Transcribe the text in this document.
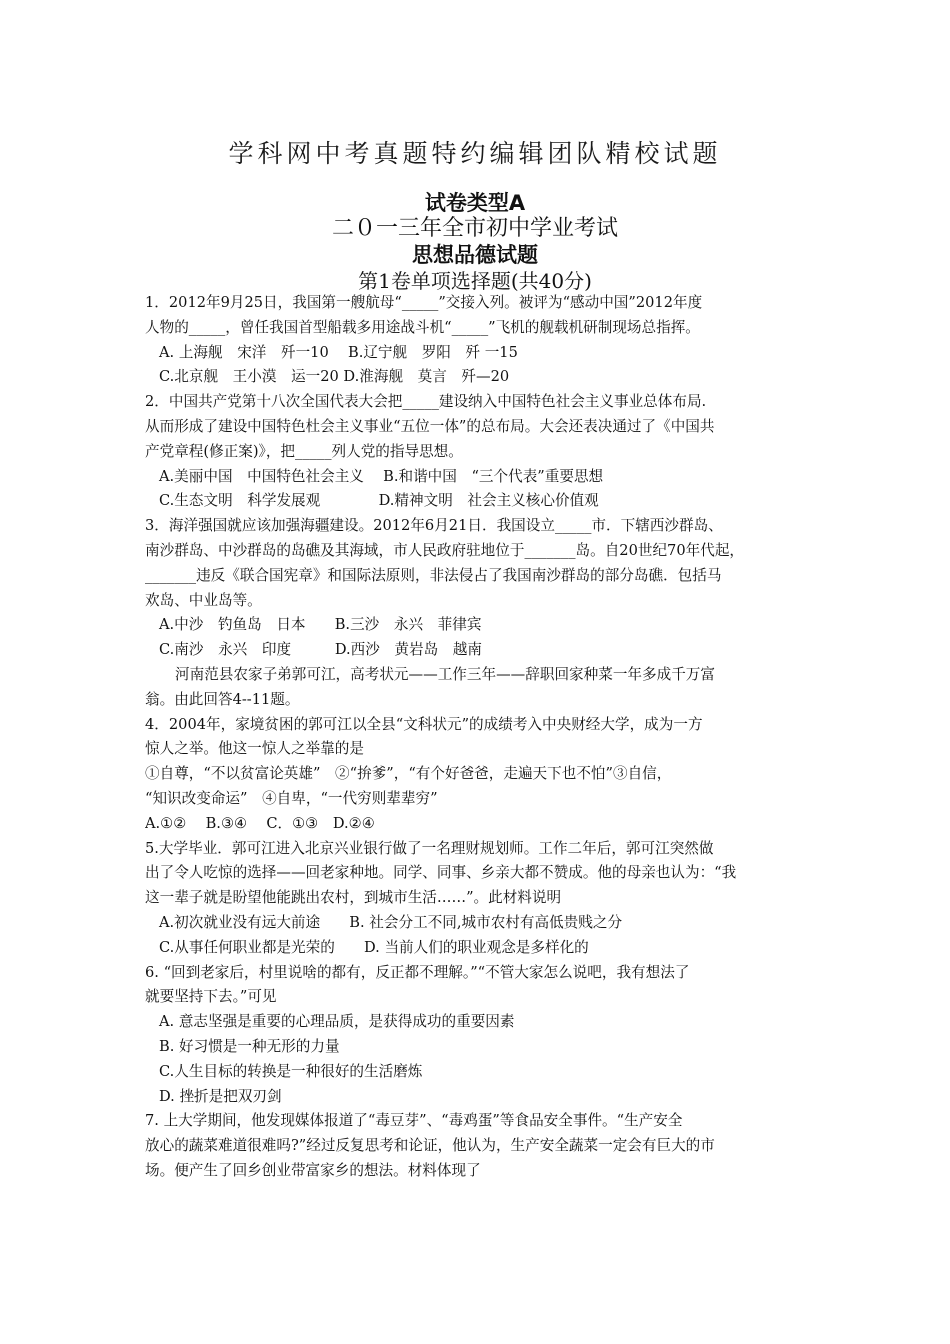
学科网中考真题特约编辑团队精校试题
试卷类型A
二０一三年全市初中学业考试
思想品德试题
第1卷单项选择题(共40分)
1．2012年9月25日，我国第一艘航母“_____”交接入列。被评为“感动中国”2012年度
人物的_____，曾任我国首型船载多用途战斗机“_____”飞机的舰载机研制现场总指挥。
A. 上海舰　宋洋　歼一10　 B.辽宁舰　罗阳　歼 一15
C.北京舰　王小漠　运一20 D.淮海舰　莫言　歼—20
2．中国共产党第十八次全国代表大会把_____建设纳入中国特色社会主义事业总体布局.
从而形成了建设中国特色杜会主义事业“五位一体”的总布局。大会还表决通过了《中国共
产党章程(修正案)》，把_____列人党的指导思想。
A.美丽中国　中国特色社会主义　 B.和谐中国　“三个代表”重要思想
C.生态文明　科学发展观　　　　D.精神文明　社会主义核心价值观
3．海洋强国就应该加强海疆建设。2012年6月21日．我国设立_____市．下辖西沙群岛、
南沙群岛、中沙群岛的岛礁及其海域，市人民政府驻地位于_______岛。自20世纪70年代起，
_______违反《联合国宪章》和国际法原则，非法侵占了我国南沙群岛的部分岛礁．包括马
欢岛、中业岛等。
A.中沙　钓鱼岛　日本　　B.三沙　永兴　菲律宾
C.南沙　永兴　印度　　　D.西沙　黄岩岛　越南
河南范县农家子弟郭可江，高考状元——工作三年——辞职回家种菜一年多成千万富
翁。由此回答4--11题。
4．2004年，家境贫困的郭可江以全县“文科状元”的成绩考入中央财经大学，成为一方
惊人之举。他这一惊人之举靠的是
①自尊，“不以贫富论英雄”　②“拚爹”，“有个好爸爸，走遍天下也不怕”③自信，
“知识改变命运”　④自卑，“一代穷则辈辈穷”
A.①②　 B.③④　 C．①③　D.②④
5.大学毕业．郭可江进入北京兴业银行做了一名理财规划师。工作二年后，郭可江突然做
出了令人吃惊的选择——回老家种地。同学、同事、乡亲大都不赞成。他的母亲也认为：“我
这一辈子就是盼望他能跳出农村，到城市生活……”。此材料说明
A.初次就业没有远大前途　　B. 社会分工不同,城市农村有高低贵贱之分
C.从事任何职业都是光荣的　　D. 当前人们的职业观念是多样化的
6. “回到老家后，村里说啥的都有，反正都不理解。”“不管大家怎么说吧，我有想法了
就要坚持下去。”可见
A. 意志坚强是重要的心理品质，是获得成功的重要因素
B. 好习惯是一种无形的力量
C.人生目标的转换是一种很好的生活磨炼
D. 挫折是把双刃剑
7. 上大学期间，他发现媒体报道了“毒豆芽”、“毒鸡蛋”等食品安全事件。“生产安全
放心的蔬菜难道很难吗?”经过反复思考和论证，他认为，生产安全蔬菜一定会有巨大的市
场。便产生了回乡创业带富家乡的想法。材料体现了
